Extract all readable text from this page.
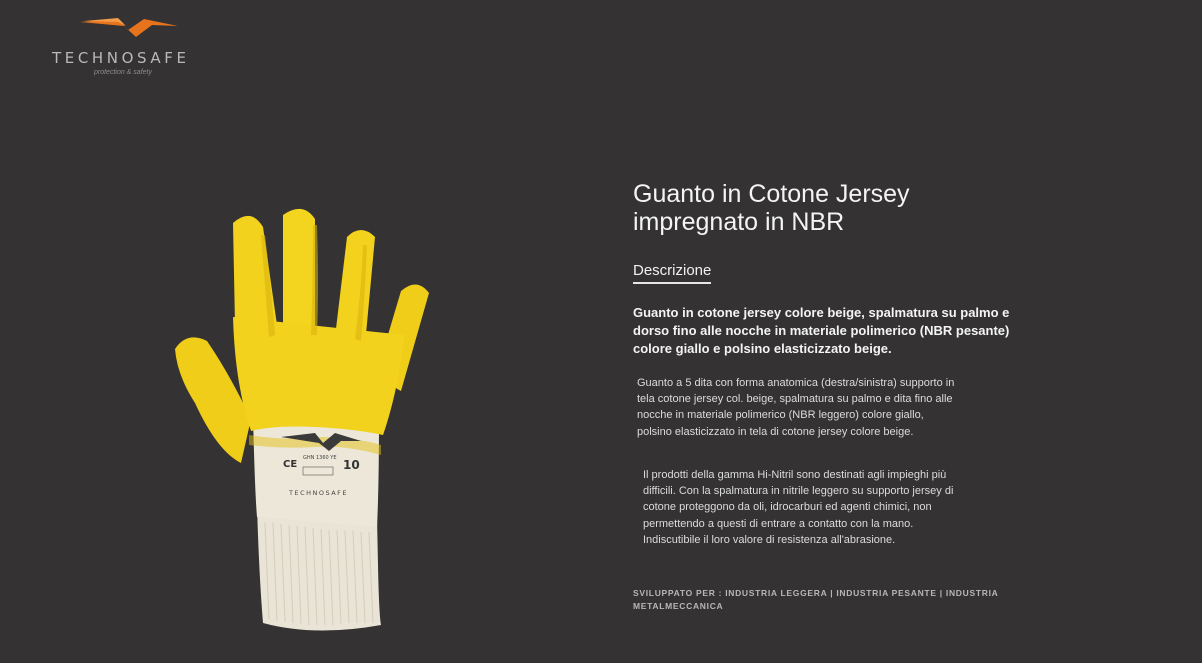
TECHNOSAFE
protection & safety
CE
GHN 1360 YE 10
TECHNOSAFE
Guanto in Cotone Jersey impregnato in NBR
Descrizione

Guanto in cotone jersey colore beige, spalmatura su palmo e dorso fino alle nocche in materiale polimerico (NBR pesante) colore giallo e polsino elasticizzato beige.

Guanto a 5 dita con forma anatomica (destra/sinistra) supporto in tela cotone jersey col. beige, spalmatura su palmo e dita fino alle nocche in materiale polimerico (NBR leggero) colore giallo, polsino elasticizzato in tela di cotone jersey colore beige.

Il prodotti della gamma Hi-Nitril sono destinati agli impieghi più difficili. Con la spalmatura in nitrile leggero su supporto jersey di cotone proteggono da oli, idrocarburi ed agenti chimici, non permettendo a questi di entrare a contatto con la mano. Indiscutibile il loro valore di resistenza all'abrasione.

SVILUPPATO PER : INDUSTRIA LEGGERA | INDUSTRIA PESANTE | INDUSTRIA METALMECCANICA
